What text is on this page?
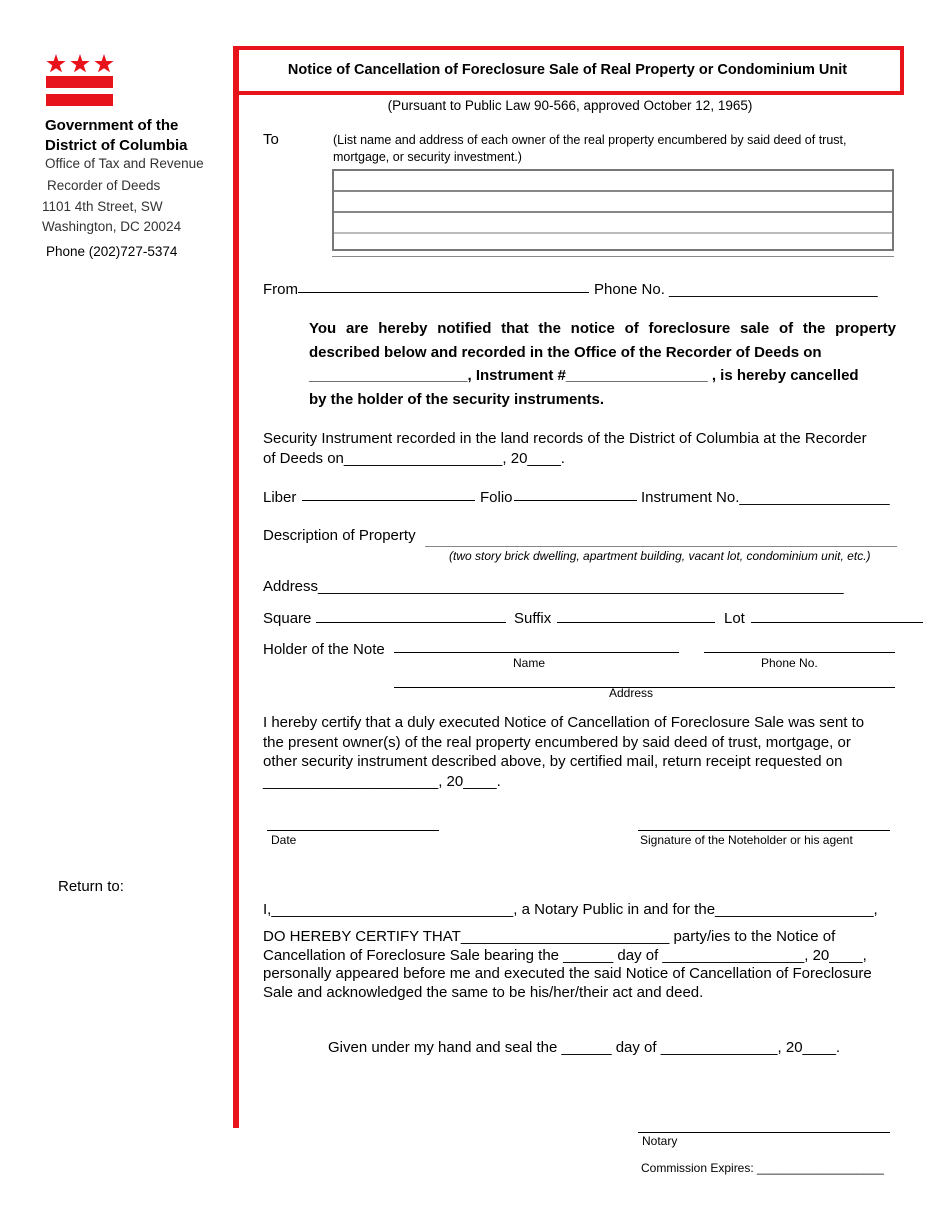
Government of the
District of Columbia
Office of Tax and Revenue
Recorder of Deeds
1101 4th Street, SW
Washington, DC 20024
Phone (202)727-5374
Return to:
Notice of Cancellation of Foreclosure Sale of Real Property or Condominium Unit
(Pursuant to Public Law 90-566, approved October 12, 1965)
To	(List name and address of each owner of the real property encumbered by said deed of trust, mortgage, or security investment.)
From	Phone No. _________________________
You are hereby notified that the notice of foreclosure sale of the property
described below and recorded in the Office of the Recorder of Deeds on
___________________, Instrument #_________________ , is hereby cancelled
by the holder of the security instruments.
Security Instrument recorded in the land records of the District of Columbia at the Recorder
of Deeds on___________________, 20____.
Liber	Folio	Instrument No.__________________
Description of Property
(two story brick dwelling, apartment building, vacant lot, condominium unit, etc.)
Address_______________________________________________________________
Square	Suffix	Lot
Holder of the Note
Name	Phone No.
Address
I hereby certify that a duly executed Notice of Cancellation of Foreclosure Sale was sent to
the present owner(s) of the real property encumbered by said deed of trust, mortgage, or
other security instrument described above, by certified mail, return receipt requested on
_____________________, 20____.
Date	Signature of the Noteholder or his agent
I,_____________________________, a Notary Public in and for the___________________,
DO HEREBY CERTIFY THAT_________________________ party/ies to the Notice of
Cancellation of Foreclosure Sale bearing the ______ day of _________________, 20____,
personally appeared before me and executed the said Notice of Cancellation of Foreclosure
Sale and acknowledged the same to be his/her/their act and deed.
Given under my hand and seal the ______ day of ______________, 20____.
Notary
Commission Expires: ___________________
